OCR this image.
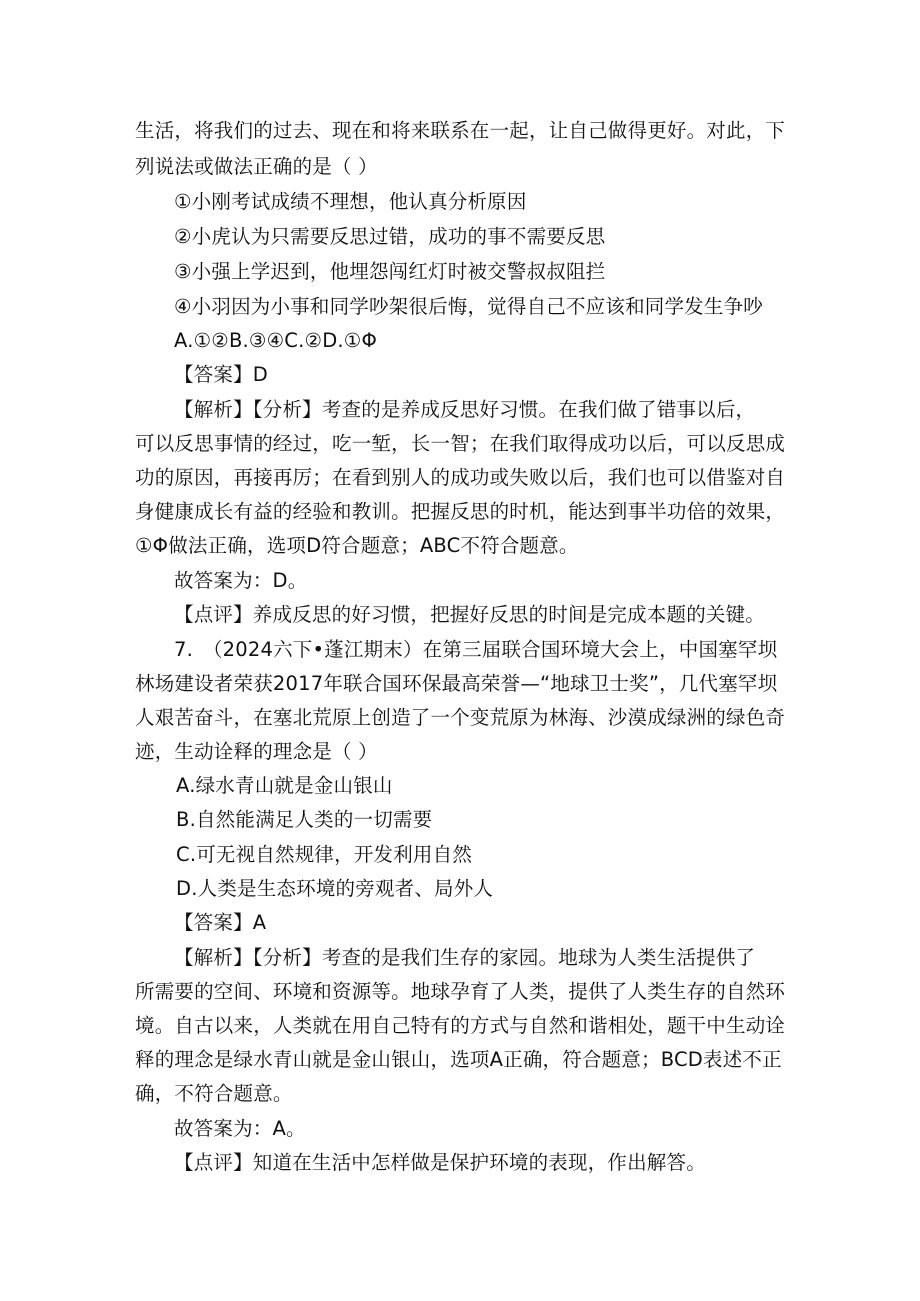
生活，将我们的过去、现在和将来联系在一起，让自己做得更好。对此，下

列说法或做法正确的是（ ）

①小刚考试成绩不理想，他认真分析原因

②小虎认为只需要反思过错，成功的事不需要反思

③小强上学迟到，他埋怨闯红灯时被交警叔叔阻拦

④小羽因为小事和同学吵架很后悔，觉得自己不应该和同学发生争吵

A.①②B.③④C.②D.①Φ

【答案】D

【解析】【分析】考查的是养成反思好习惯。在我们做了错事以后，

可以反思事情的经过，吃一堑，长一智；在我们取得成功以后，可以反思成

功的原因，再接再厉；在看到别人的成功或失败以后，我们也可以借鉴对自

身健康成长有益的经验和教训。把握反思的时机，能达到事半功倍的效果，

①Φ做法正确，选项D符合题意；ABC不符合题意。

故答案为：D。

【点评】养成反思的好习惯，把握好反思的时间是完成本题的关键。

7.　（2024六下•蓬江期末）在第三届联合国环境大会上，中国塞罕坝

林场建设者荣获2017年联合国环保最高荣誉—“地球卫士奖”，几代塞罕坝

人艰苦奋斗，在塞北荒原上创造了一个变荒原为林海、沙漠成绿洲的绿色奇

迹，生动诠释的理念是（ ）

A.绿水青山就是金山银山

B.自然能满足人类的一切需要

C.可无视自然规律，开发利用自然

D.人类是生态环境的旁观者、局外人

【答案】A

【解析】【分析】考查的是我们生存的家园。地球为人类生活提供了

所需要的空间、环境和资源等。地球孕育了人类，提供了人类生存的自然环

境。自古以来，人类就在用自己特有的方式与自然和谐相处，题干中生动诠

释的理念是绿水青山就是金山银山，选项A正确，符合题意；BCD表述不正

确，不符合题意。

故答案为：A。

【点评】知道在生活中怎样做是保护环境的表现，作出解答。
